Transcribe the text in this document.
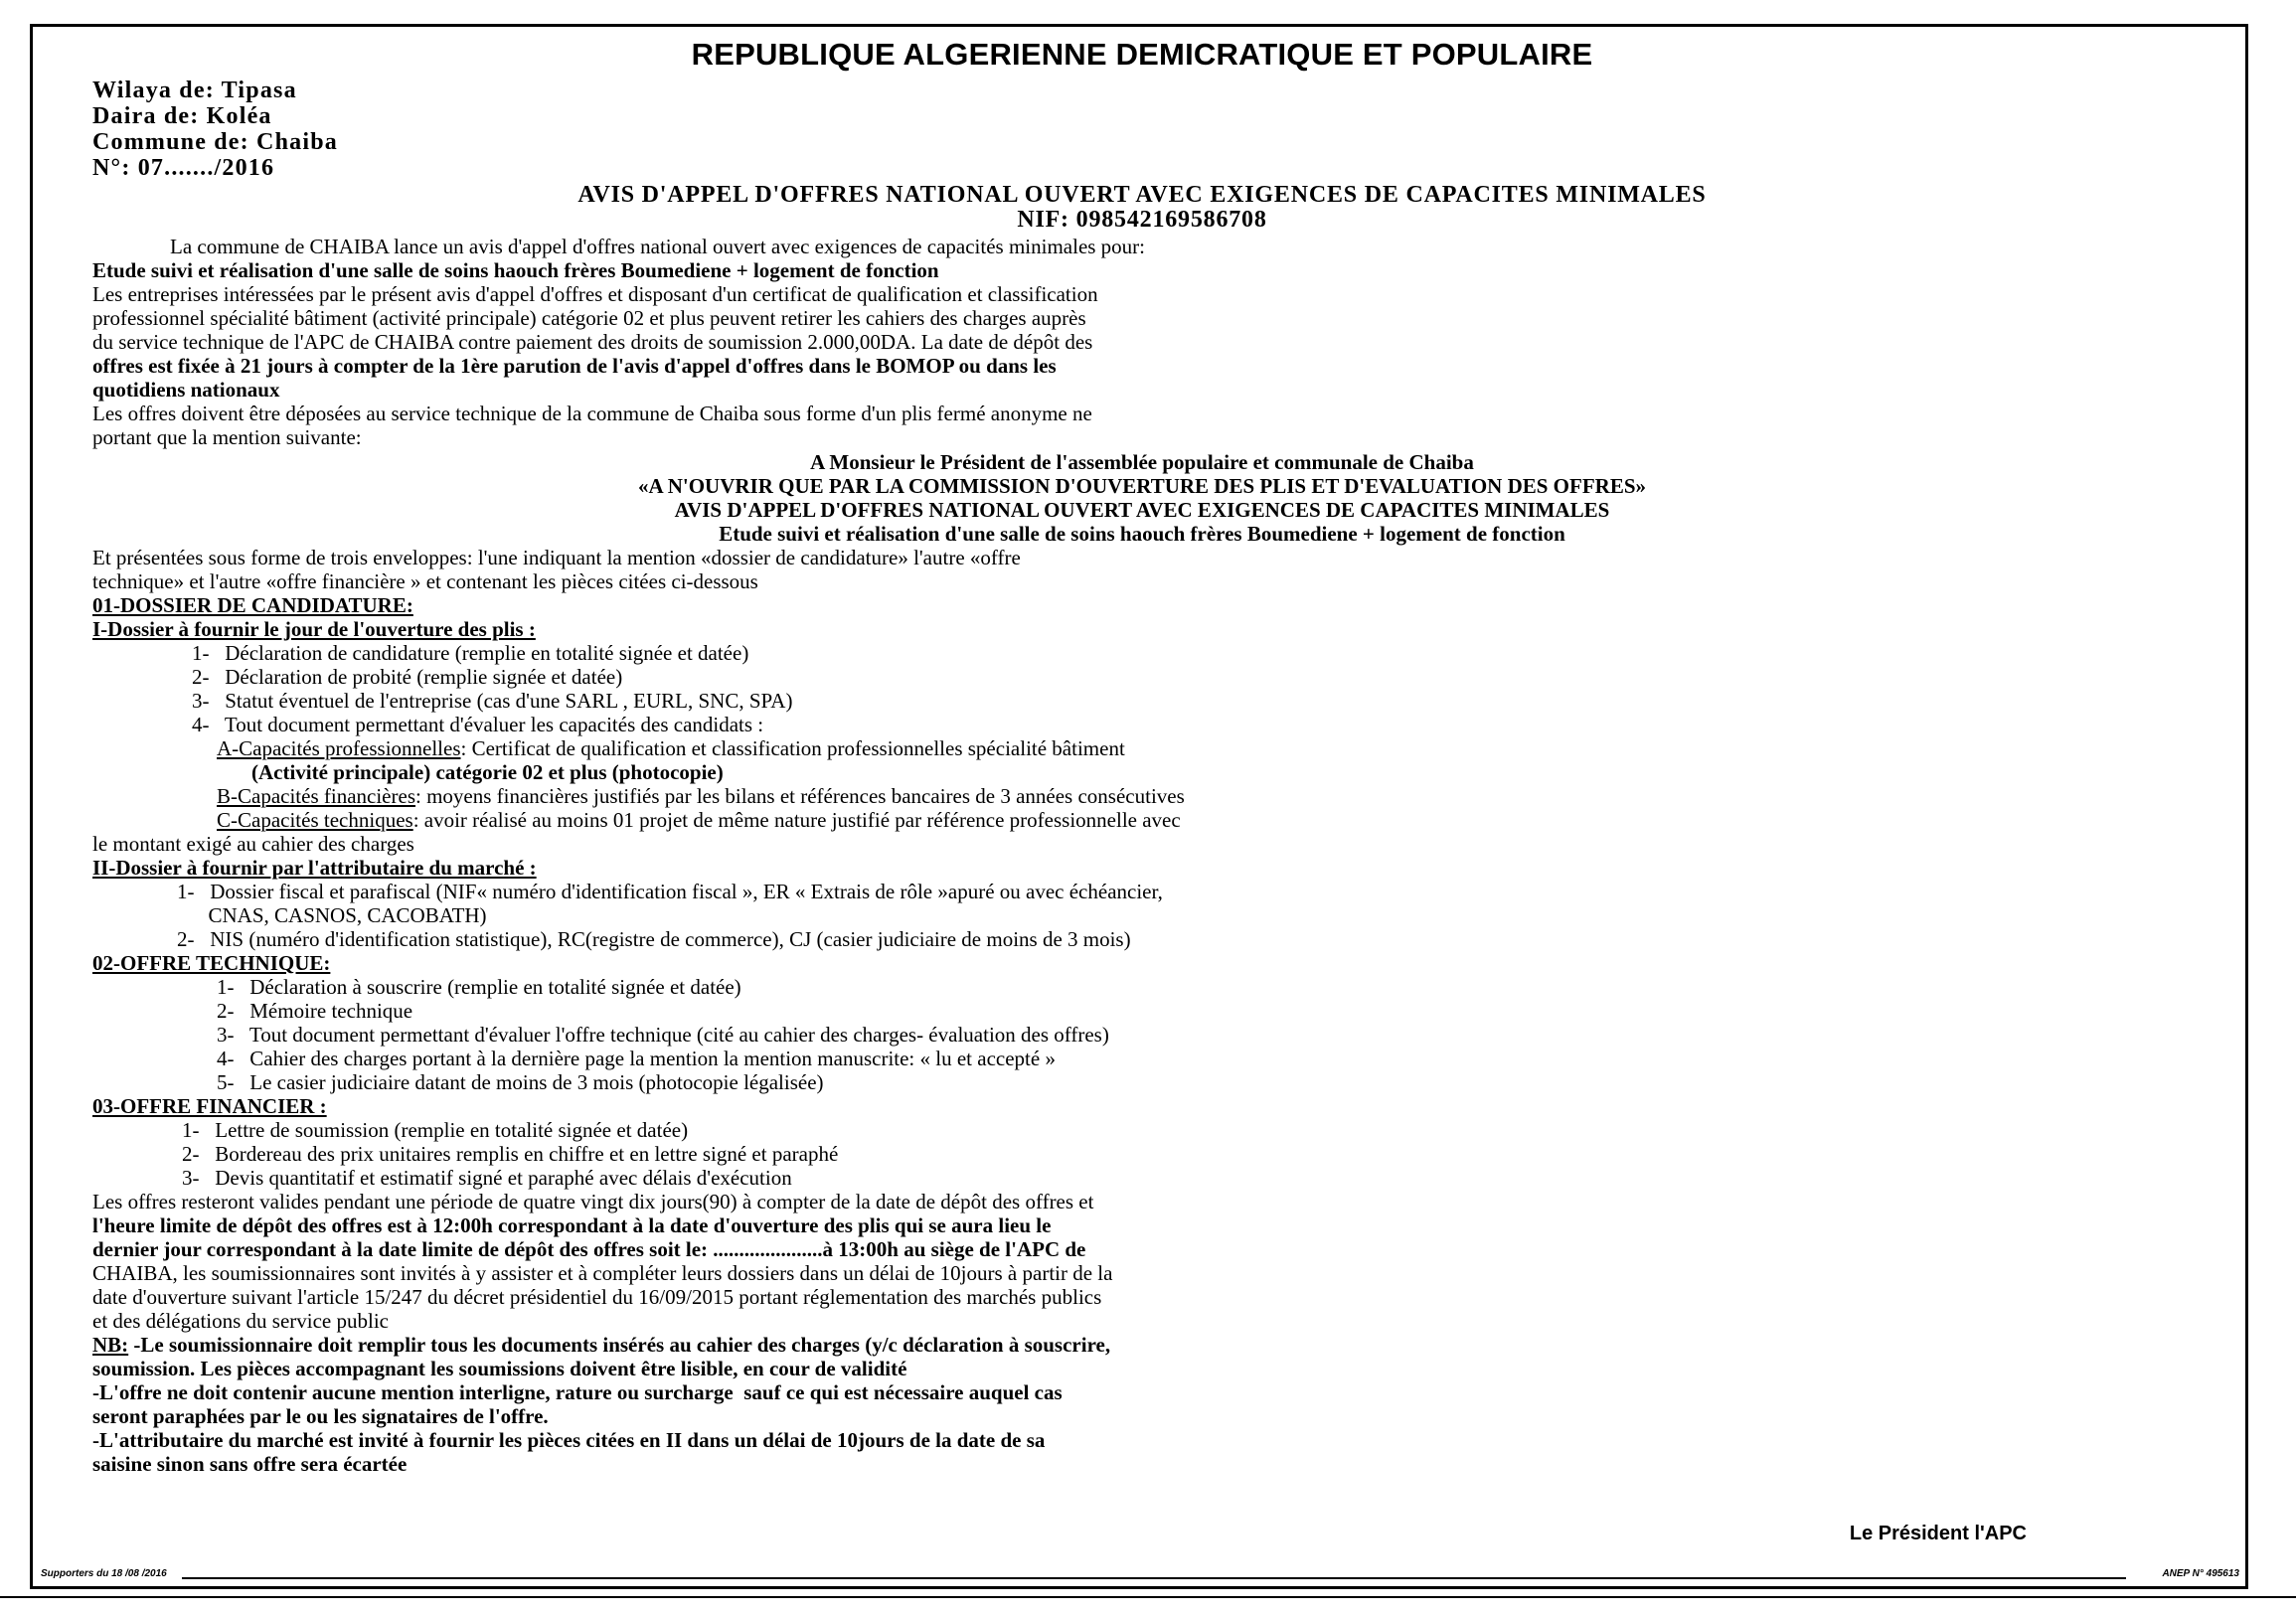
REPUBLIQUE ALGERIENNE DEMICRATIQUE ET POPULAIRE
Wilaya de: Tipasa
Daira de: Koléa
Commune de: Chaiba
N°: 07......./2016
AVIS D'APPEL D'OFFRES NATIONAL OUVERT AVEC EXIGENCES DE CAPACITES MINIMALES
NIF: 098542169586708
La commune de CHAIBA lance un avis d'appel d'offres national ouvert avec exigences de capacités minimales pour:
Etude suivi et réalisation d'une salle de soins haouch frères Boumediene + logement de fonction
Les entreprises intéressées par le présent avis d'appel d'offres et disposant d'un certificat de qualification et classification
professionnel spécialité bâtiment (activité principale) catégorie 02 et plus peuvent retirer les cahiers des charges auprès
du service technique de l'APC de CHAIBA contre paiement des droits de soumission 2.000,00DA. La date de dépôt des
offres est fixée à 21 jours à compter de la 1ère parution de l'avis d'appel d'offres dans le BOMOP ou dans les
quotidiens nationaux
Les offres doivent être déposées au service technique de la commune de Chaiba sous forme d'un plis fermé anonyme ne
portant que la mention suivante:
A Monsieur le Président de l'assemblée populaire et communale de Chaiba
«A N'OUVRIR QUE PAR LA COMMISSION D'OUVERTURE DES PLIS ET D'EVALUATION DES OFFRES»
AVIS D'APPEL D'OFFRES NATIONAL OUVERT AVEC EXIGENCES DE CAPACITES MINIMALES
Etude suivi et réalisation d'une salle de soins haouch frères Boumediene + logement de fonction
Et présentées sous forme de trois enveloppes: l'une indiquant la mention «dossier de candidature» l'autre «offre
technique» et l'autre «offre financière » et contenant les pièces citées ci-dessous
01-DOSSIER DE CANDIDATURE:
I-Dossier à fournir le jour de l'ouverture des plis :
1-   Déclaration de candidature (remplie en totalité signée et datée)
2-   Déclaration de probité (remplie signée et datée)
3-   Statut éventuel de l'entreprise (cas d'une SARL , EURL, SNC, SPA)
4-   Tout document permettant d'évaluer les capacités des candidats :
A-Capacités professionnelles: Certificat de qualification et classification professionnelles spécialité bâtiment
(Activité principale) catégorie 02 et plus (photocopie)
B-Capacités financières: moyens financières justifiés par les bilans et références bancaires de 3 années consécutives
C-Capacités techniques: avoir réalisé au moins 01 projet de même nature justifié par référence professionnelle avec
le montant exigé au cahier des charges
II-Dossier à fournir par l'attributaire du marché :
1-   Dossier fiscal et parafiscal (NIF« numéro d'identification fiscal », ER « Extrais de rôle »apuré ou avec échéancier,
CNAS, CASNOS, CACOBATH)
2-   NIS (numéro d'identification statistique), RC(registre de commerce), CJ (casier judiciaire de moins de 3 mois)
02-OFFRE TECHNIQUE:
1-   Déclaration à souscrire (remplie en totalité signée et datée)
2-   Mémoire technique
3-   Tout document permettant d'évaluer l'offre technique (cité au cahier des charges- évaluation des offres)
4-   Cahier des charges portant à la dernière page la mention la mention manuscrite: « lu et accepté »
5-   Le casier judiciaire datant de moins de 3 mois (photocopie légalisée)
03-OFFRE FINANCIER :
1-   Lettre de soumission (remplie en totalité signée et datée)
2-   Bordereau des prix unitaires remplis en chiffre et en lettre signé et paraphé
3-   Devis quantitatif et estimatif signé et paraphé avec délais d'exécution
Les offres resteront valides pendant une période de quatre vingt dix jours(90) à compter de la date de dépôt des offres et
l'heure limite de dépôt des offres est à 12:00h correspondant à la date d'ouverture des plis qui se aura lieu le
dernier jour correspondant à la date limite de dépôt des offres soit le: .....................à 13:00h au siège de l'APC de
CHAIBA, les soumissionnaires sont invités à y assister et à compléter leurs dossiers dans un délai de 10jours à partir de la
date d'ouverture suivant l'article 15/247 du décret présidentiel du 16/09/2015 portant réglementation des marchés publics
et des délégations du service public
NB: -Le soumissionnaire doit remplir tous les documents insérés au cahier des charges (y/c déclaration à souscrire,
soumission. Les pièces accompagnant les soumissions doivent être lisible, en cour de validité
-L'offre ne doit contenir aucune mention interligne, rature ou surcharge  sauf ce qui est nécessaire auquel cas
seront paraphées par le ou les signataires de l'offre.
-L'attributaire du marché est invité à fournir les pièces citées en II dans un délai de 10jours de la date de sa
saisine sinon sans offre sera écartée
Le Président l'APC
Supporters du 18 /08 /2016	ANEP N° 495613
